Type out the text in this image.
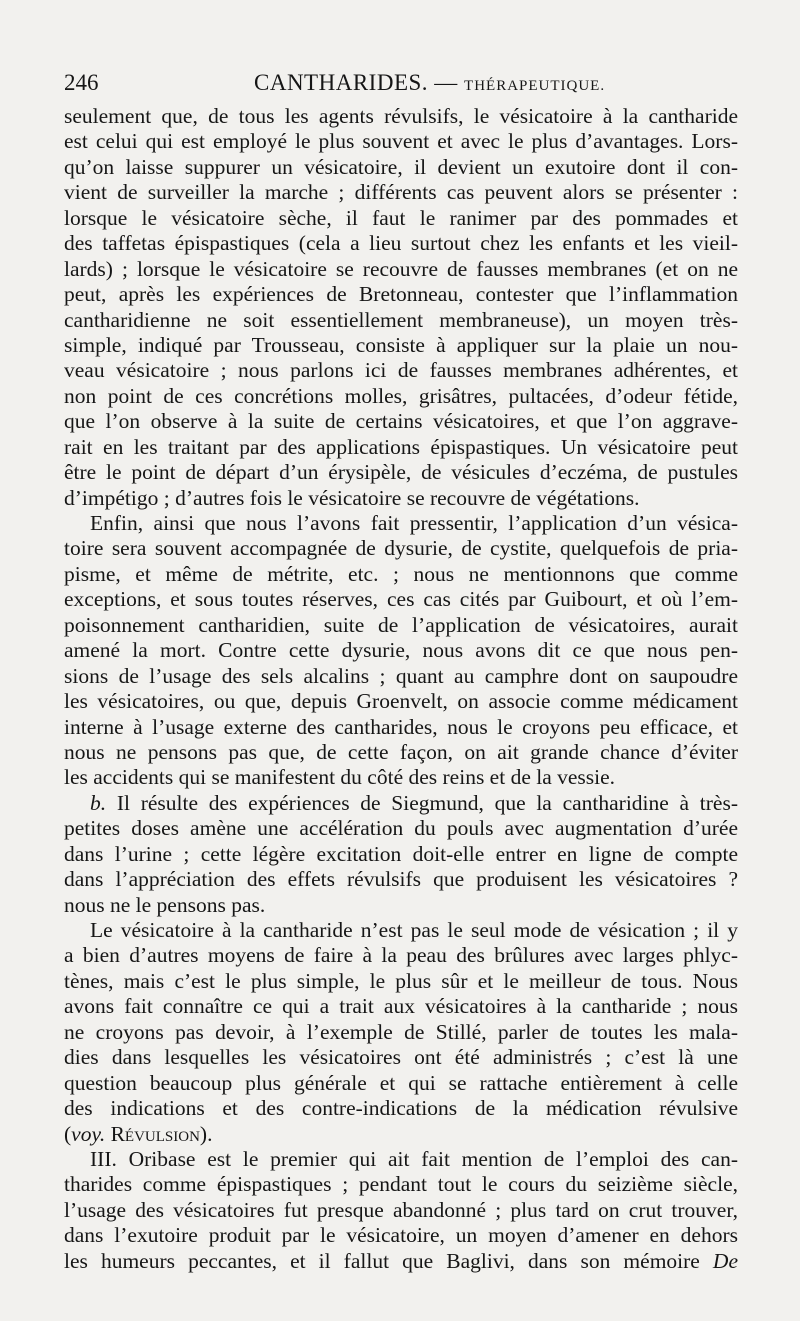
246	CANTHARIDES. — THÉRAPEUTIQUE.
seulement que, de tous les agents révulsifs, le vésicatoire à la cantharide
est celui qui est employé le plus souvent et avec le plus d’avantages. Lors-
qu’on laisse suppurer un vésicatoire, il devient un exutoire dont il con-
vient de surveiller la marche ; différents cas peuvent alors se présenter :
lorsque le vésicatoire sèche, il faut le ranimer par des pommades et
des taffetas épispastiques (cela a lieu surtout chez les enfants et les vieil-
lards) ; lorsque le vésicatoire se recouvre de fausses membranes (et on ne
peut, après les expériences de Bretonneau, contester que l’inflammation
cantharidienne ne soit essentiellement membraneuse), un moyen très-
simple, indiqué par Trousseau, consiste à appliquer sur la plaie un nou-
veau vésicatoire ; nous parlons ici de fausses membranes adhérentes, et
non point de ces concrétions molles, grisâtres, pultacées, d’odeur fétide,
que l’on observe à la suite de certains vésicatoires, et que l’on aggrave-
rait en les traitant par des applications épispastiques. Un vésicatoire peut
être le point de départ d’un érysipèle, de vésicules d’eczéma, de pustules
d’impétigo ; d’autres fois le vésicatoire se recouvre de végétations.
Enfin, ainsi que nous l’avons fait pressentir, l’application d’un vésica-
toire sera souvent accompagnée de dysurie, de cystite, quelquefois de pria-
pisme, et même de métrite, etc. ; nous ne mentionnons que comme
exceptions, et sous toutes réserves, ces cas cités par Guibourt, et où l’em-
poisonnement cantharidien, suite de l’application de vésicatoires, aurait
amené la mort. Contre cette dysurie, nous avons dit ce que nous pen-
sions de l’usage des sels alcalins ; quant au camphre dont on saupoudre
les vésicatoires, ou que, depuis Groenvelt, on associe comme médicament
interne à l’usage externe des cantharides, nous le croyons peu efficace, et
nous ne pensons pas que, de cette façon, on ait grande chance d’éviter
les accidents qui se manifestent du côté des reins et de la vessie.
b. Il résulte des expériences de Siegmund, que la cantharidine à très-
petites doses amène une accélération du pouls avec augmentation d’urée
dans l’urine ; cette légère excitation doit-elle entrer en ligne de compte
dans l’appréciation des effets révulsifs que produisent les vésicatoires ?
nous ne le pensons pas.
Le vésicatoire à la cantharide n’est pas le seul mode de vésication ; il y
a bien d’autres moyens de faire à la peau des brûlures avec larges phlyc-
tènes, mais c’est le plus simple, le plus sûr et le meilleur de tous. Nous
avons fait connaître ce qui a trait aux vésicatoires à la cantharide ; nous
ne croyons pas devoir, à l’exemple de Stillé, parler de toutes les mala-
dies dans lesquelles les vésicatoires ont été administrés ; c’est là une
question beaucoup plus générale et qui se rattache entièrement à celle
des indications et des contre-indications de la médication révulsive
(voy. Révulsion).
III. Oribase est le premier qui ait fait mention de l’emploi des can-
tharides comme épispastiques ; pendant tout le cours du seizième siècle,
l’usage des vésicatoires fut presque abandonné ; plus tard on crut trouver,
dans l’exutoire produit par le vésicatoire, un moyen d’amener en dehors
les humeurs peccantes, et il fallut que Baglivi, dans son mémoire De
